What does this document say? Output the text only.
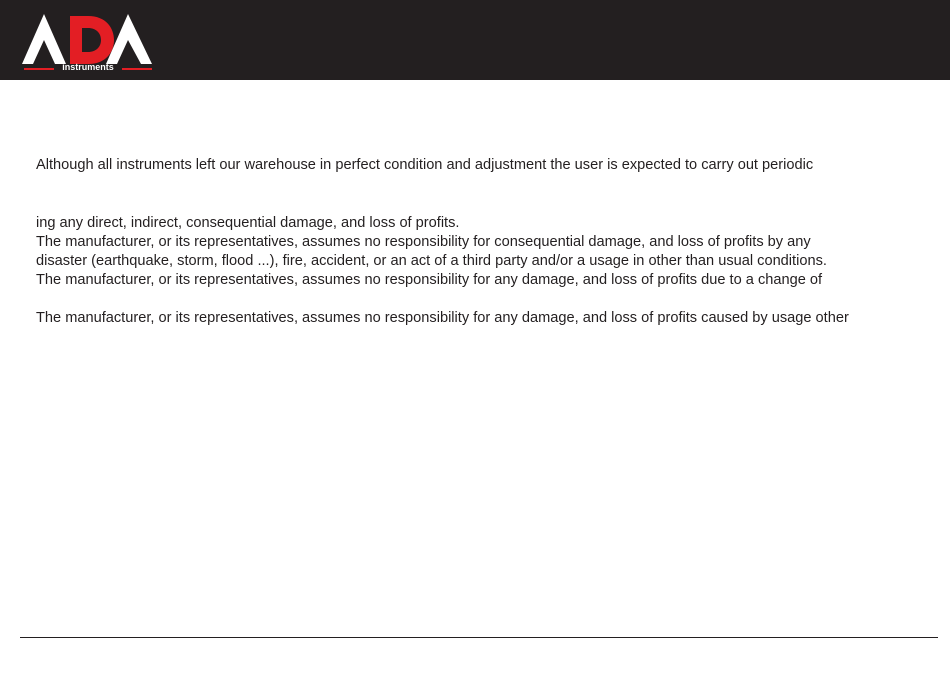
instruments
Although all instruments left our warehouse in perfect condition and adjustment the user is expected to carry out periodic
ing any direct, indirect, consequential damage, and loss of profits.
The manufacturer, or its representatives, assumes no responsibility for consequential damage, and loss of profits by any
disaster (earthquake, storm, flood ...), fire, accident, or an act of a third party and/or a usage in other than usual conditions.
The manufacturer, or its representatives, assumes no responsibility for any damage, and loss of profits due to a change of
The manufacturer, or its representatives, assumes no responsibility for any damage, and loss of profits caused by usage other
